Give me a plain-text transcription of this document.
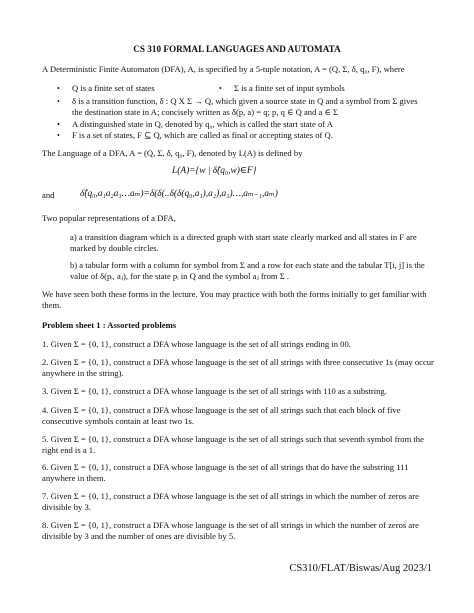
CS 310 FORMAL LANGUAGES AND AUTOMATA
A Deterministic Finite Automaton (DFA), A, is specified by a 5-tuple notation, A = (Q, Σ, δ, q₀, F), where
• Q is a finite set of states	• Σ is a finite set of input symbols
• δ is a transition function, δ : Q X Σ → Q, which given a source state in Q and a symbol from Σ gives
the destination state in A; concisely written as δ(p, a) = q; p, q ∈ Q and a ∈ Σ
• A distinguished state in Q, denoted by q₀, which is called the start state of A
• F is a set of states, F ⊆ Q, which are called as final or accepting states of Q.
The Language of a DFA, A = (Q, Σ, δ, q₀, F), denoted by L(A) is defined by
L(A)={w | δ̂(q₀,w)∈F}
and	δ̂(q₀,a₁a₂a₃…aₘ)=δ(δ(..δ(δ(q₀,a₁),a₂),a₃)…,aₘ₋₁,aₘ)
Two popular representations of a DFA,
a) a transition diagram which is a directed graph with start state clearly marked and all states in F are marked by double circles.
b) a tabular form with a column for symbol from Σ and a row for each state and the tabular T[i, j] is the value of δ(pᵢ, aⱼ), for the state pᵢ in Q and the symbol aⱼ from Σ .
We have seen both these forms in the lecture. You may practice with both the forms initially to get familiar with them.
Problem sheet 1 : Assorted problems
1. Given Σ = {0, 1}, construct a DFA whose language is the set of all strings ending in 00.
2. Given Σ = {0, 1}, construct a DFA whose language is the set of all strings with three consecutive 1s (may occur anywhere in the string).
3. Given Σ = {0, 1}, construct a DFA whose language is the set of all strings with 110 as a substring.
4. Given Σ = {0, 1}, construct a DFA whose language is the set of all strings such that each block of five consecutive symbols contain at least two 1s.
5. Given Σ = {0, 1}, construct a DFA whose language is the set of all strings such that seventh symbol from the right end is a 1.
6. Given Σ = {0, 1}, construct a DFA whose language is the set of all strings that do have the substring 111 anywhere in them.
7. Given Σ = {0, 1}, construct a DFA whose language is the set of all strings in which the number of zeros are divisible by 3.
8. Given Σ = {0, 1}, construct a DFA whose language is the set of all strings in which the number of zeros are divisible by 3 and the number of ones are divisible by 5.
CS310/FLAT/Biswas/Aug 2023/1
